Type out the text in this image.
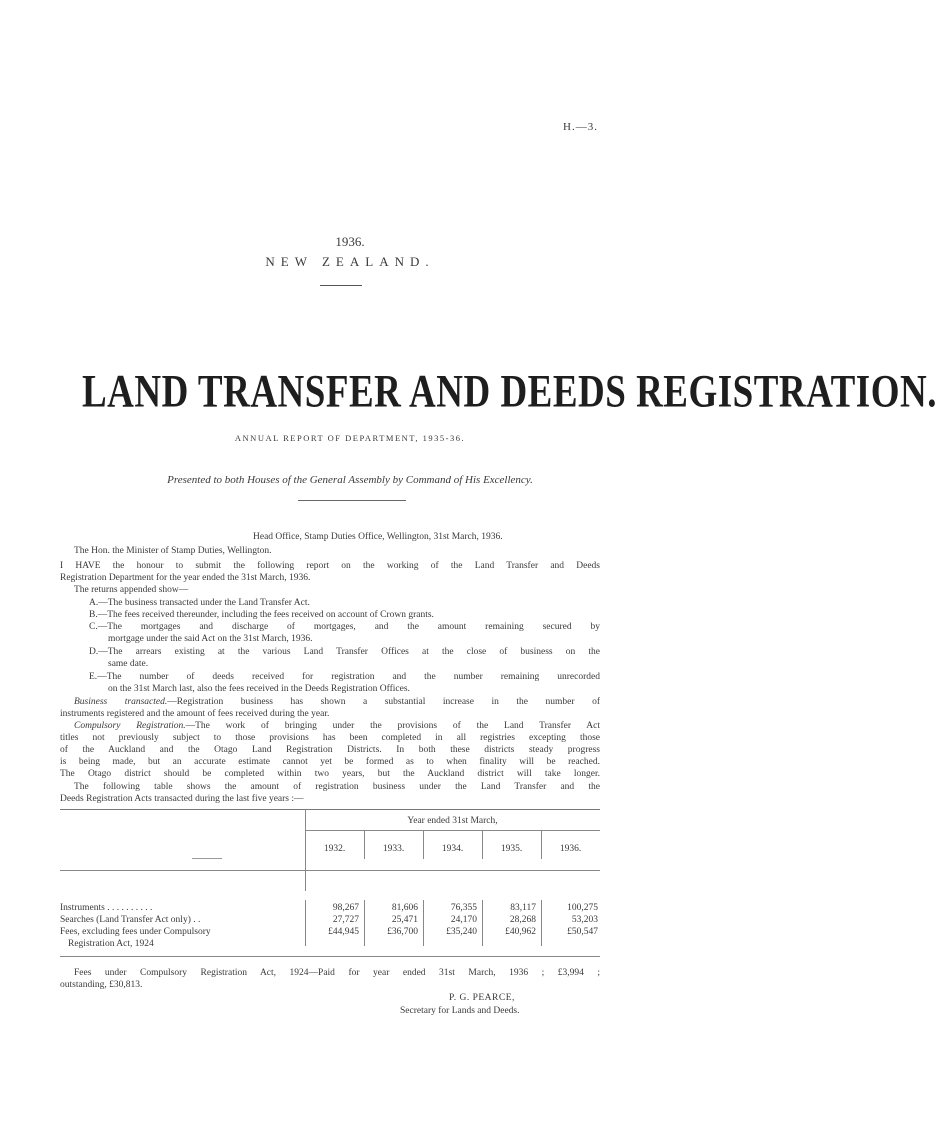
H.—3.
1936.
NEW ZEALAND.
LAND TRANSFER AND DEEDS REGISTRATION.
ANNUAL REPORT OF DEPARTMENT, 1935-36.
Presented to both Houses of the General Assembly by Command of His Excellency.
Head Office, Stamp Duties Office, Wellington, 31st March, 1936.
The Hon. the Minister of Stamp Duties, Wellington.
I HAVE the honour to submit the following report on the working of the Land Transfer and Deeds
Registration Department for the year ended the 31st March, 1936.
The returns appended show—
A.—The business transacted under the Land Transfer Act.
B.—The fees received thereunder, including the fees received on account of Crown grants.
C.—The mortgages and discharge of mortgages, and the amount remaining secured by
mortgage under the said Act on the 31st March, 1936.
D.—The arrears existing at the various Land Transfer Offices at the close of business on the
same date.
E.—The number of deeds received for registration and the number remaining unrecorded
on the 31st March last, also the fees received in the Deeds Registration Offices.
Business transacted.—Registration business has shown a substantial increase in the number of
instruments registered and the amount of fees received during the year.
Compulsory Registration.—The work of bringing under the provisions of the Land Transfer Act
titles not previously subject to those provisions has been completed in all registries excepting those
of the Auckland and the Otago Land Registration Districts. In both these districts steady progress
is being made, but an accurate estimate cannot yet be formed as to when finality will be reached.
The Otago district should be completed within two years, but the Auckland district will take longer.
The following table shows the amount of registration business under the Land Transfer and the
Deeds Registration Acts transacted during the last five years :—
Year ended 31st March,
1932.	1933.	1934.	1935.	1936.
Instruments . . . . . . . . . .	98,267	81,606	76,355	83,117	100,275
Searches (Land Transfer Act only) . .	27,727	25,471	24,170	28,268	53,203
Fees, excluding fees under Compulsory
Registration Act, 1924
£44,945	£36,700	£35,240	£40,962	£50,547
Fees under Compulsory Registration Act, 1924—Paid for year ended 31st March, 1936 ; £3,994 ;
outstanding, £30,813.
P. G. PEARCE,
Secretary for Lands and Deeds.
